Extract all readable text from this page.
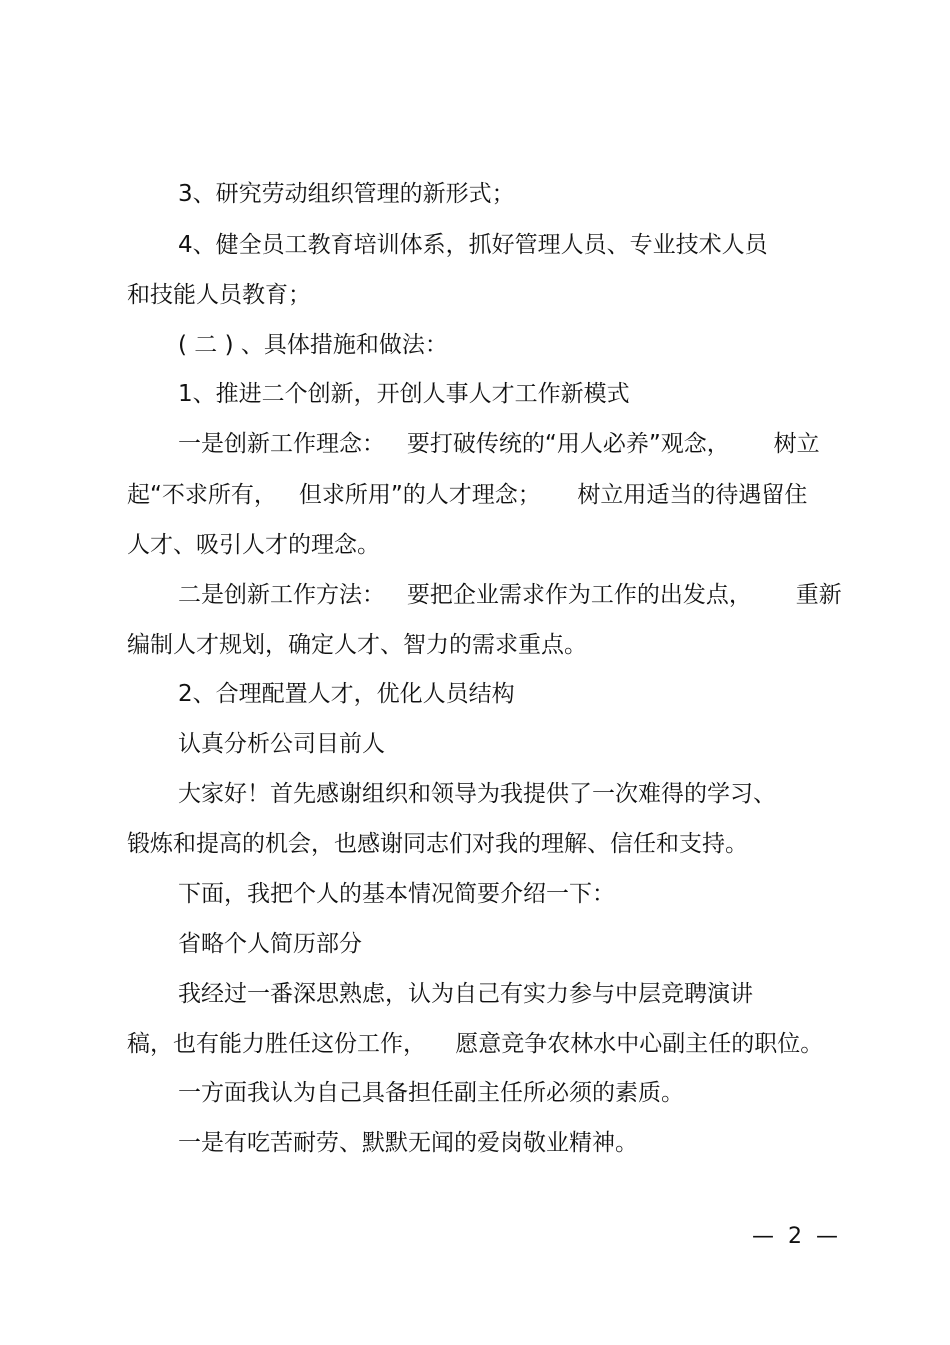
3、研究劳动组织管理的新形式；

4、健全员工教育培训体系，抓好管理人员、专业技术人员

和技能人员教育；

( 二 ) 、具体措施和做法：

1、推进二个创新，开创人事人才工作新模式

一是创新工作理念：   要打破传统的“用人必养”观念，      树立

起“不求所有，   但求所用”的人才理念；     树立用适当的待遇留住

人才、吸引人才的理念。

二是创新工作方法：   要把企业需求作为工作的出发点，      重新

编制人才规划，确定人才、智力的需求重点。

2、合理配置人才，优化人员结构

认真分析公司目前人

大家好！首先感谢组织和领导为我提供了一次难得的学习、

锻炼和提高的机会，也感谢同志们对我的理解、信任和支持。

下面，我把个人的基本情况简要介绍一下：

省略个人简历部分

我经过一番深思熟虑，认为自己有实力参与中层竞聘演讲

稿，也有能力胜任这份工作，    愿意竞争农林水中心副主任的职位。

一方面我认为自己具备担任副主任所必须的素质。

一是有吃苦耐劳、默默无闻的爱岗敬业精神。

—  2  —
